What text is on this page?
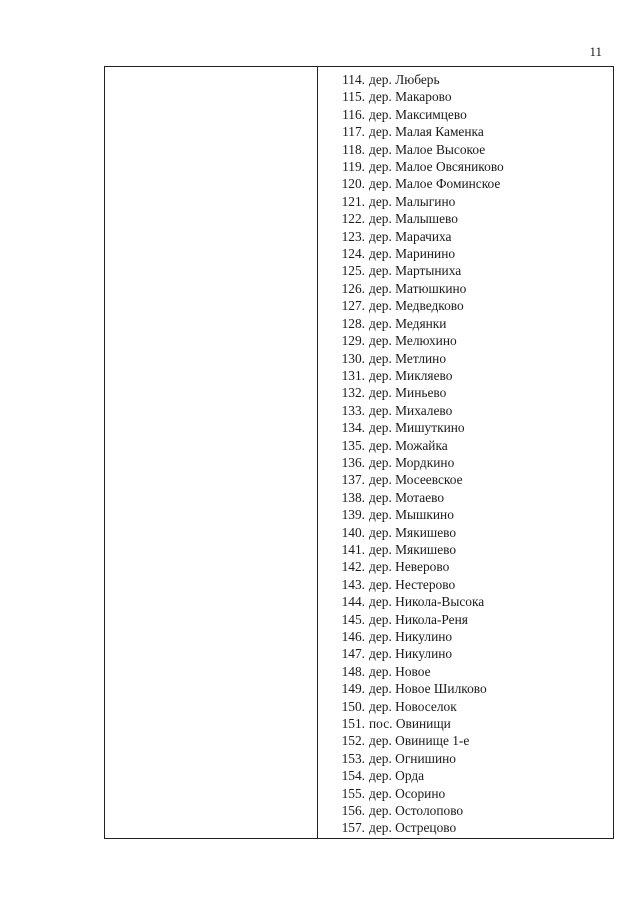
11
114. дер. Люберь
115. дер. Макарово
116. дер. Максимцево
117. дер. Малая Каменка
118. дер. Малое Высокое
119. дер. Малое Овсяниково
120. дер. Малое Фоминское
121. дер. Малыгино
122. дер. Малышево
123. дер. Марачиха
124. дер. Маринино
125. дер. Мартыниха
126. дер. Матюшкино
127. дер. Медведково
128. дер. Медянки
129. дер. Мелюхино
130. дер. Метлино
131. дер. Микляево
132. дер. Миньево
133. дер. Михалево
134. дер. Мишуткино
135. дер. Можайка
136. дер. Мордкино
137. дер. Мосеевское
138. дер. Мотаево
139. дер. Мышкино
140. дер. Мякишево
141. дер. Мякишево
142. дер. Неверово
143. дер. Нестерово
144. дер. Никола-Высока
145. дер. Никола-Реня
146. дер. Никулино
147. дер. Никулино
148. дер. Новое
149. дер. Новое Шилково
150. дер. Новоселок
151. пос. Овинищи
152. дер. Овинище 1-е
153. дер. Огнишино
154. дер. Орда
155. дер. Осорино
156. дер. Остолопово
157. дер. Острецово
